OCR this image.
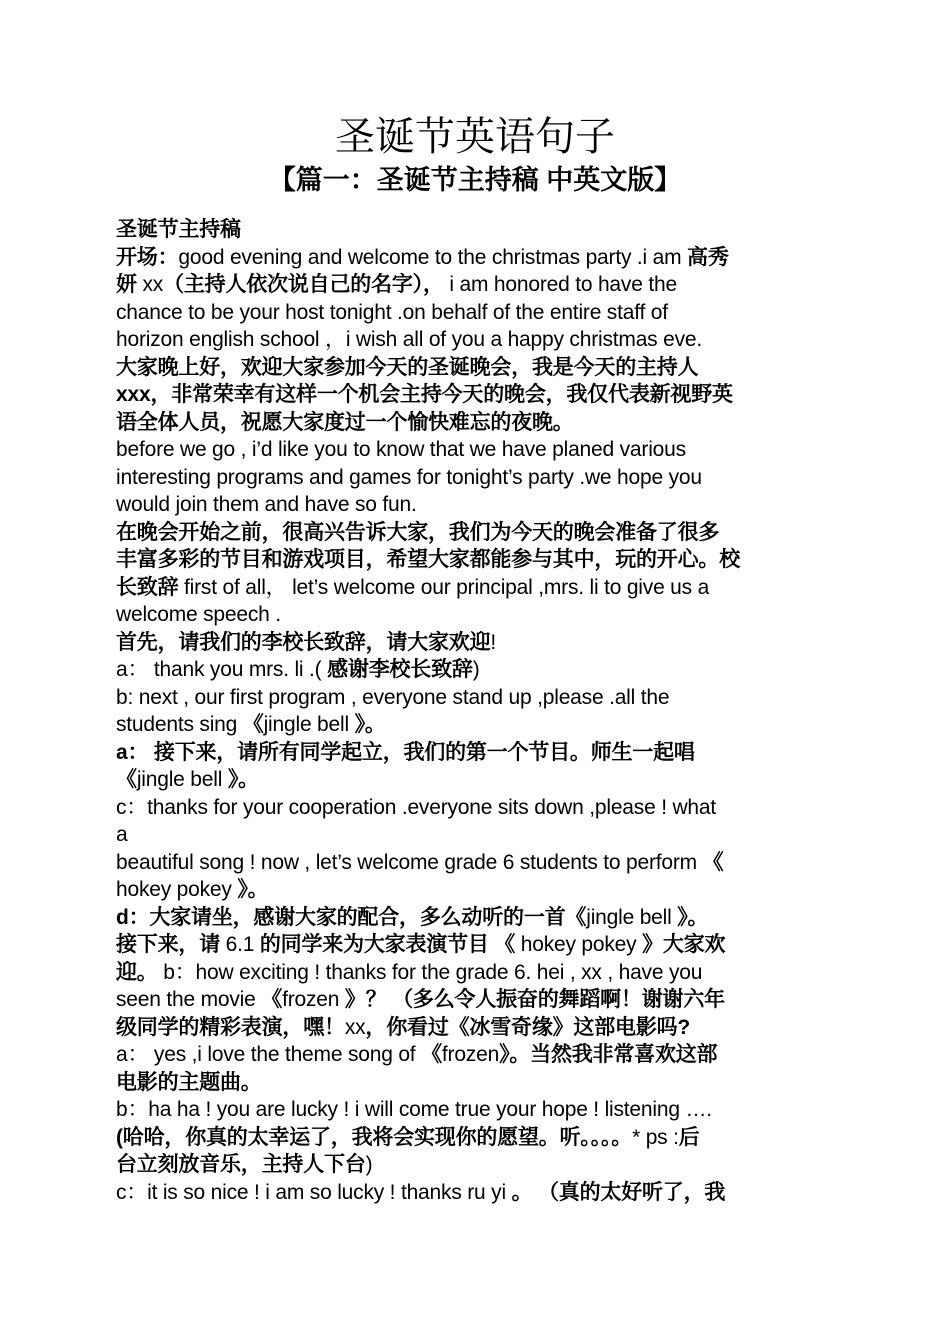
圣诞节英语句子
【篇一：圣诞节主持稿 中英文版】
圣诞节主持稿
开场：good evening and welcome to the christmas party .i am 高秀
妍 xx（主持人依次说自己的名字）， i am honored to have the
chance to be your host tonight .on behalf of the entire staff of
horizon english school ，i wish all of you a happy christmas eve.
大家晚上好，欢迎大家参加今天的圣诞晚会，我是今天的主持人
xxx，非常荣幸有这样一个机会主持今天的晚会，我仅代表新视野英
语全体人员，祝愿大家度过一个愉快难忘的夜晚。
before we go , i’d like you to know that we have planed various
interesting programs and games for tonight’s party .we hope you
would join them and have so fun.
在晚会开始之前，很高兴告诉大家，我们为今天的晚会准备了很多
丰富多彩的节目和游戏项目，希望大家都能参与其中，玩的开心。校
长致辞 first of all， let’s welcome our principal ,mrs. li to give us a
welcome speech .
首先，请我们的李校长致辞，请大家欢迎!
a： thank you mrs. li .( 感谢李校长致辞)
b: next , our first program , everyone stand up ,please .all the
students sing 《jingle bell 》。
a： 接下来，请所有同学起立，我们的第一个节目。师生一起唱
《jingle bell 》。
c：thanks for your cooperation .everyone sits down ,please ! what
a
beautiful song ! now , let’s welcome grade 6 students to perform 《
hokey pokey 》。
d：大家请坐，感谢大家的配合，多么动听的一首《jingle bell 》。
接下来，请 6.1 的同学来为大家表演节目 《 hokey pokey 》大家欢
迎。 b：how exciting ! thanks for the grade 6. hei , xx , have you
seen the movie 《frozen 》？ （多么令人振奋的舞蹈啊！谢谢六年
级同学的精彩表演，嘿！xx，你看过《冰雪奇缘》这部电影吗?
a： yes ,i love the theme song of 《frozen》。当然我非常喜欢这部
电影的主题曲。
b：ha ha ! you are lucky ! i will come true your hope ! listening ….
(哈哈，你真的太幸运了，我将会实现你的愿望。听。。。。* ps :后
台立刻放音乐，主持人下台)
c：it is so nice ! i am so lucky ! thanks ru yi 。 （真的太好听了，我
